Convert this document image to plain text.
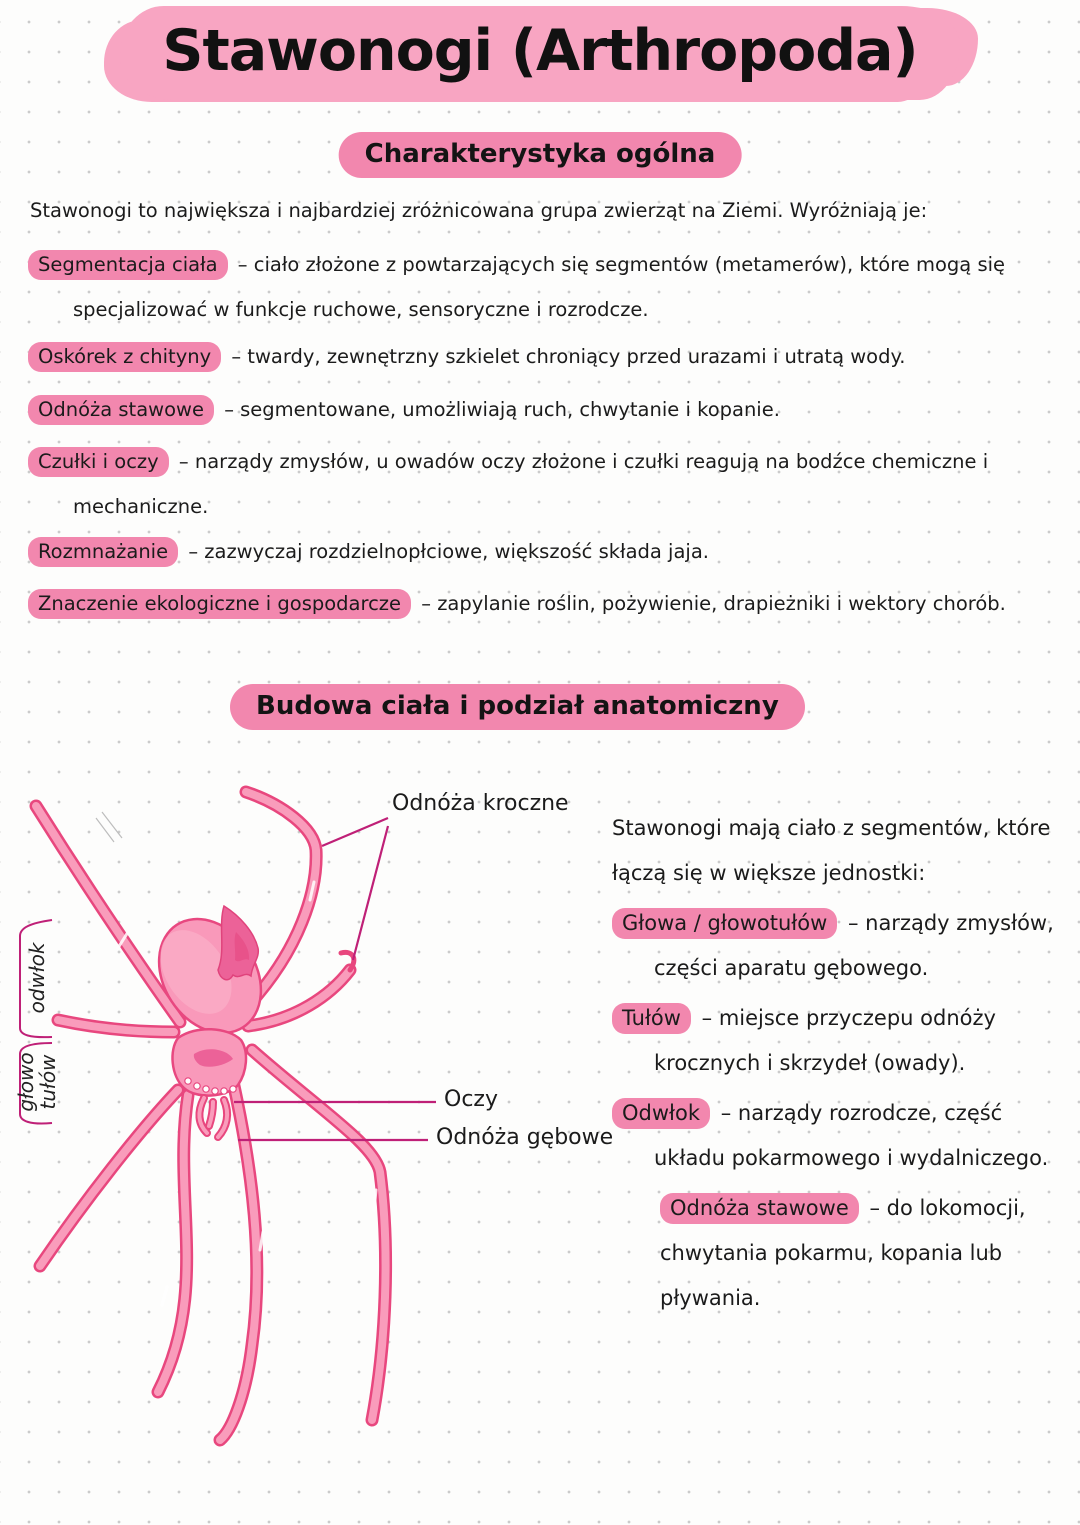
Stawonogi (Arthropoda)
Charakterystyka ogólna

Stawonogi to największa i najbardziej zróżnicowana grupa zwierząt na Ziemi. Wyróżniają je:

Segmentacja ciała – ciało złożone z powtarzających się segmentów (metamerów), które mogą się specjalizować w funkcje ruchowe, sensoryczne i rozrodcze.

Oskórek z chityny – twardy, zewnętrzny szkielet chroniący przed urazami i utratą wody.

Odnóża stawowe – segmentowane, umożliwiają ruch, chwytanie i kopanie.

Czułki i oczy – narządy zmysłów, u owadów oczy złożone i czułki reagują na bodźce chemiczne i mechaniczne.

Rozmnażanie – zazwyczaj rozdzielnopłciowe, większość składa jaja.

Znaczenie ekologiczne i gospodarcze – zapylanie roślin, pożywienie, drapieżniki i wektory chorób.

Budowa ciała i podział anatomiczny
Odnóża kroczne
Oczy
Odnóża gębowe
odwłok
głowo
tułów

Stawonogi mają ciało z segmentów, które łączą się w większe jednostki:

Głowa / głowotułów – narządy zmysłów, części aparatu gębowego.

Tułów – miejsce przyczepu odnóży krocznych i skrzydeł (owady).

Odwłok – narządy rozrodcze, część układu pokarmowego i wydalniczego.

Odnóża stawowe – do lokomocji, chwytania pokarmu, kopania lub pływania.
